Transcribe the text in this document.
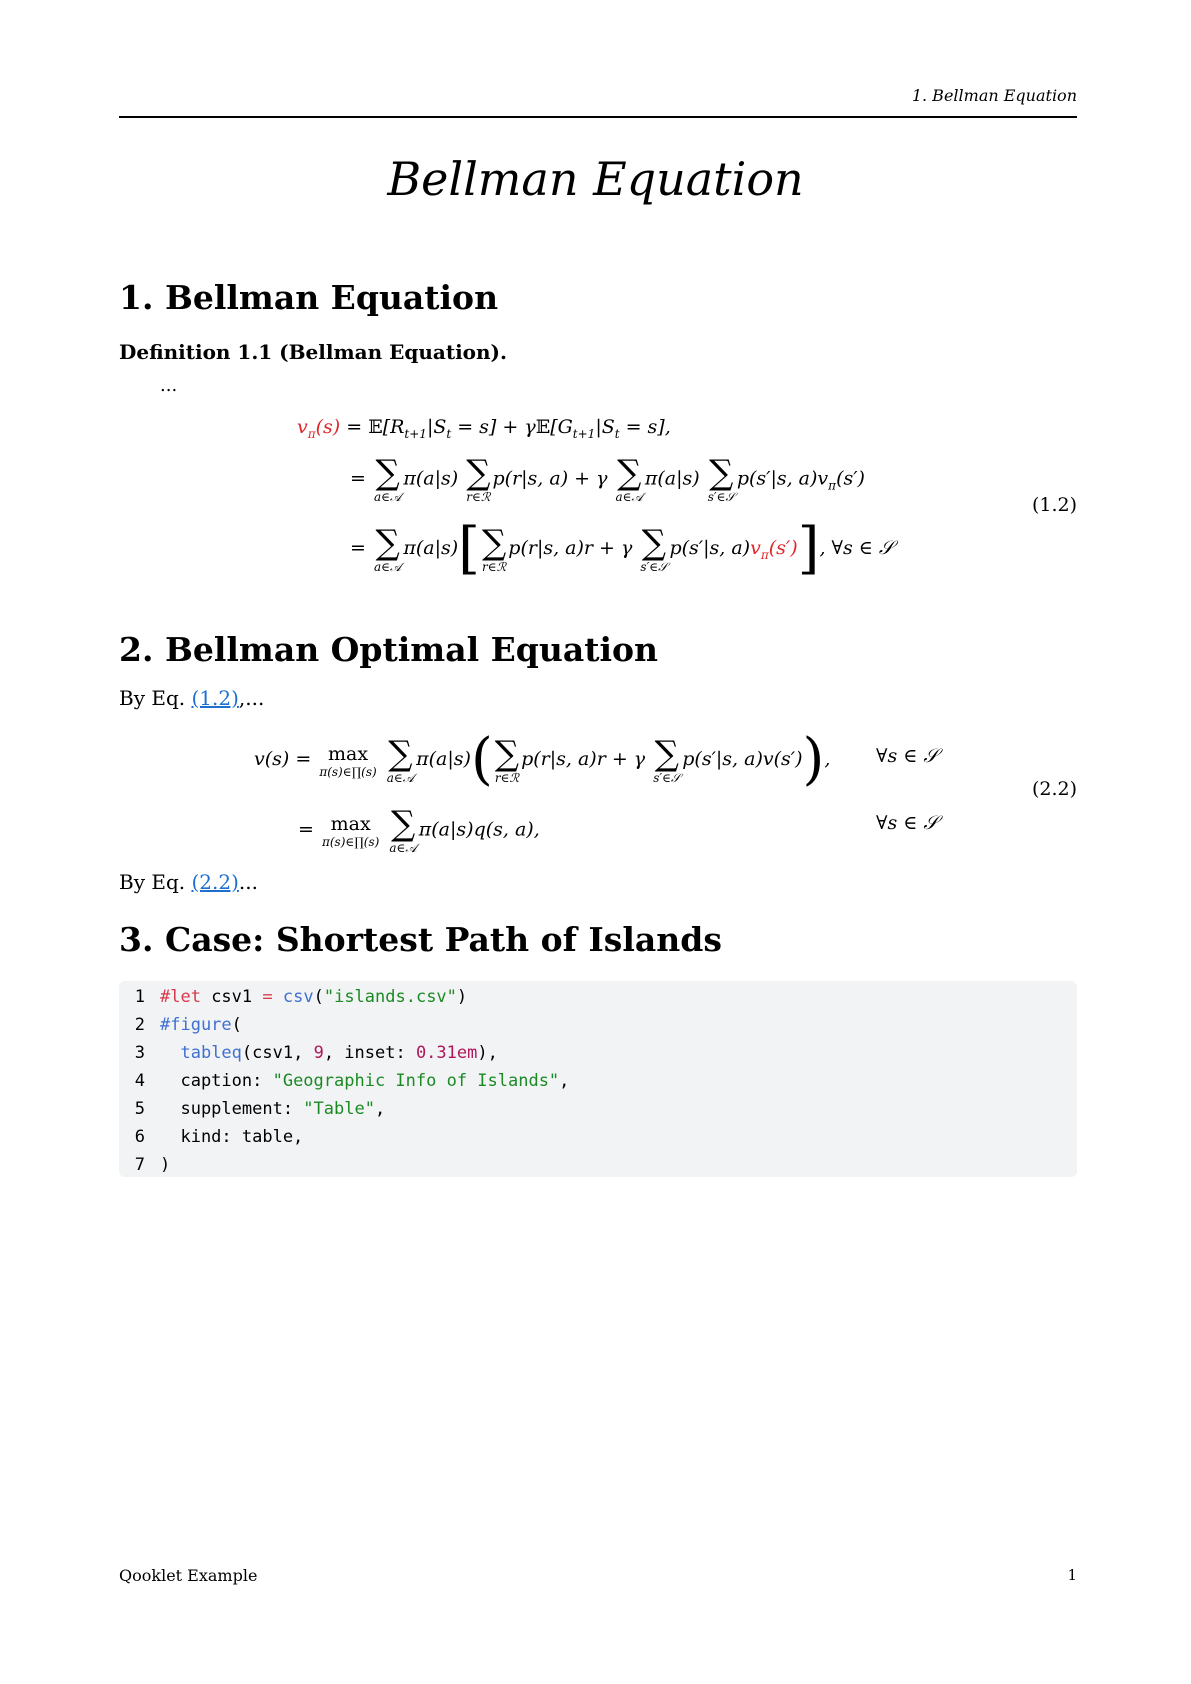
1. Bellman Equation
Bellman Equation
1. Bellman Equation
Definition 1.1 (Bellman Equation).
...
$v_\pi(s)$ = $𝔼[R_{t+1}|S_t = s]$ + $\gamma 𝔼[G_{t+1}|S_t = s]$,
= ∑
a∈𝒜
π(a|s) ∑
r∈ℛ
p(r|s, a) + γ ∑
a∈𝒜
π(a|s) ∑
s′∈𝒮
p(s′|s, $a)v_\pi(s')$
= ∑
a∈𝒜
π(a|s)[ ∑
r∈ℛ
p(r|s, a)r + γ ∑
s′∈𝒮
p(s′|s, $a)v_\pi(s')$], ∀s ∈ 𝒮
(1.2)
2. Bellman Optimal Equation
By Eq. (1.2),...
v(s) = max
π(s)∈∏(s)
∑
a∈𝒜
π(a|s)( ∑
r∈ℛ
p(r|s, a)r + γ ∑
s′∈𝒮
p(s′|s, a)v(s′)), ∀s ∈ 𝒮
= max
π(s)∈∏(s)
∑
a∈𝒜
π(a|s)q(s, a),	∀s ∈ 𝒮
(2.2)
By Eq. (2.2)...
3. Case: Shortest Path of Islands
1 #let csv1 = csv("islands.csv")
2 #figure(
3 tableq(csv1, 9, inset: 0.31em),
4  caption: "Geographic Info of Islands",
5  supplement: "Table",
6  kind: table,
7 )
Qooklet Example	1
